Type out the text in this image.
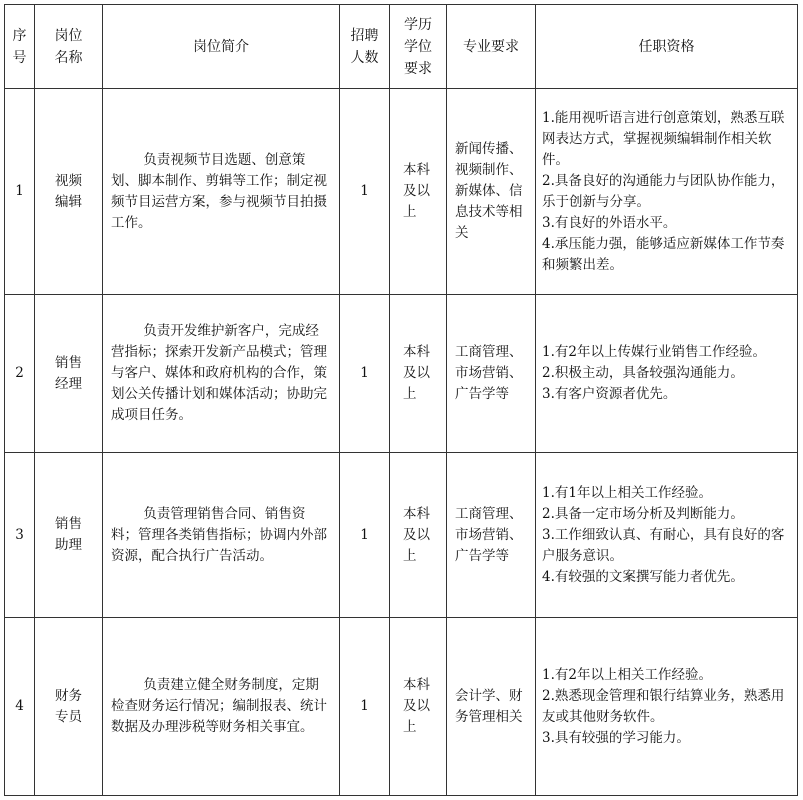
序号	岗位名称	岗位简介	招聘人数	学历学位要求	专业要求	任职资格
1	视频编辑	负责视频节目选题、创意策划、脚本制作、剪辑等工作；制定视频节目运营方案，参与视频节目拍摄工作。	1	本科及以上	新闻传播、视频制作、新媒体、信息技术等相关	1.能用视听语言进行创意策划，熟悉互联网表达方式，掌握视频编辑制作相关软件。
2.具备良好的沟通能力与团队协作能力，乐于创新与分享。
3.有良好的外语水平。
4.承压能力强，能够适应新媒体工作节奏和频繁出差。

2	销售经理	负责开发维护新客户，完成经营指标；探索开发新产品模式；管理与客户、媒体和政府机构的合作，策划公关传播计划和媒体活动；协助完成项目任务。	1	本科及以上	工商管理、市场营销、广告学等	1.有2年以上传媒行业销售工作经验。
2.积极主动，具备较强沟通能力。
3.有客户资源者优先。

3	销售助理	负责管理销售合同、销售资料；管理各类销售指标；协调内外部资源，配合执行广告活动。	1	本科及以上	工商管理、市场营销、广告学等	1.有1年以上相关工作经验。
2.具备一定市场分析及判断能力。
3.工作细致认真、有耐心，具有良好的客户服务意识。
4.有较强的文案撰写能力者优先。

4	财务专员	负责建立健全财务制度，定期检查财务运行情况；编制报表、统计数据及办理涉税等财务相关事宜。	1	本科及以上	会计学、财务管理相关	1.有2年以上相关工作经验。
2.熟悉现金管理和银行结算业务，熟悉用友或其他财务软件。
3.具有较强的学习能力。
